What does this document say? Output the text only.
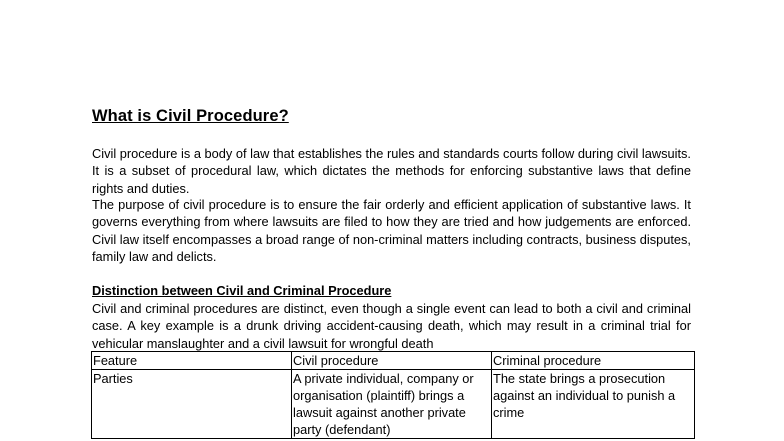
What is Civil Procedure?

Civil procedure is a body of law that establishes the rules and standards courts follow during civil lawsuits. It is a subset of procedural law, which dictates the methods for enforcing substantive laws that define rights and duties.

The purpose of civil procedure is to ensure the fair orderly and efficient application of substantive laws. It governs everything from where lawsuits are filed to how they are tried and how judgements are enforced. Civil law itself encompasses a broad range of non-criminal matters including contracts, business disputes, family law and delicts.

Distinction between Civil and Criminal Procedure

Civil and criminal procedures are distinct, even though a single event can lead to both a civil and criminal case. A key example is a drunk driving accident-causing death, which may result in a criminal trial for vehicular manslaughter and a civil lawsuit for wrongful death

Feature	Civil procedure	Criminal procedure
Parties	A private individual, company or organisation (plaintiff) brings a lawsuit against another private party (defendant)	The state brings a prosecution against an individual to punish a crime
